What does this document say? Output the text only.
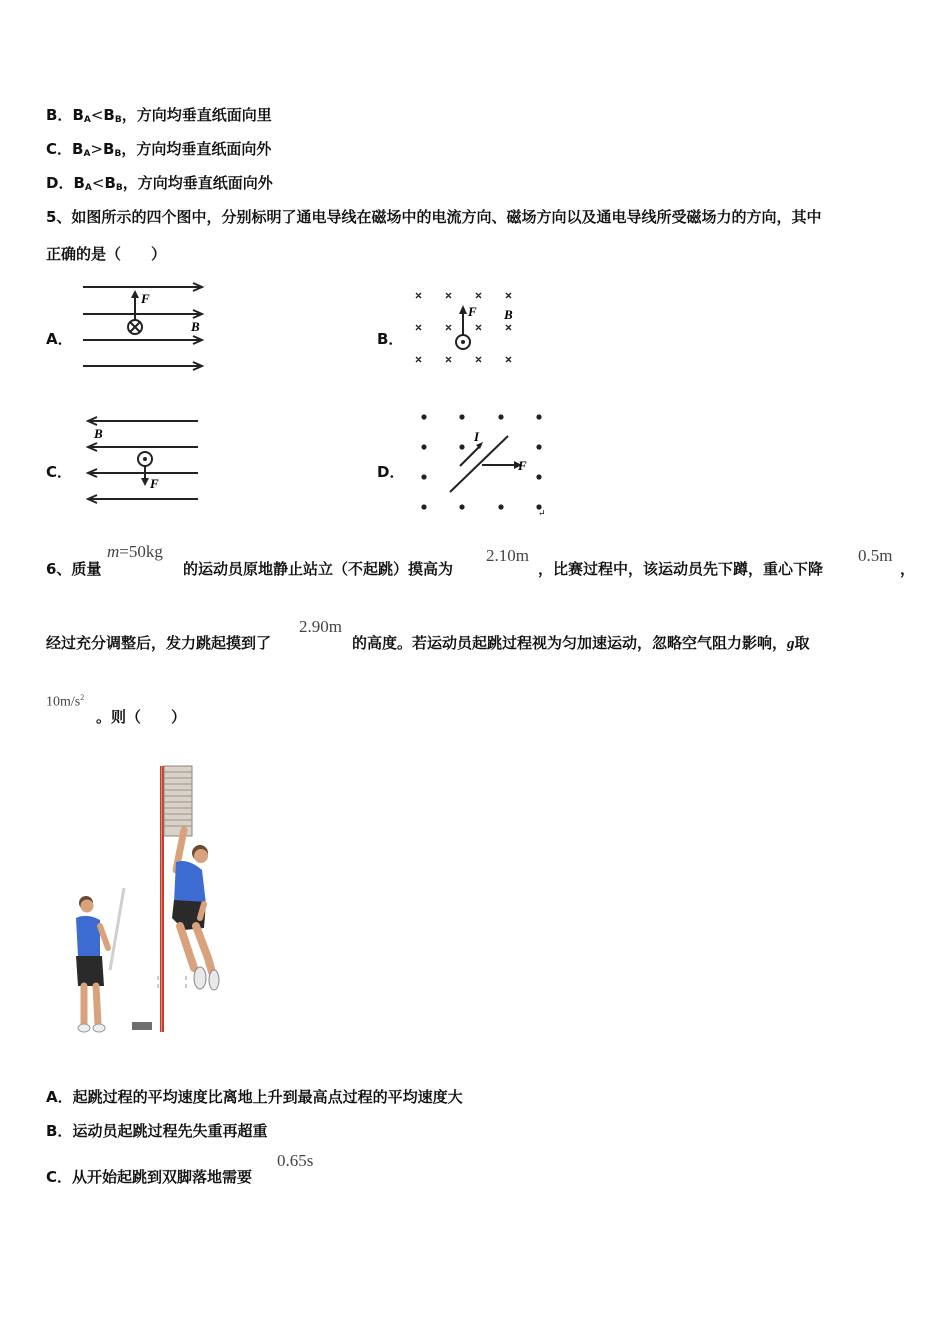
B．$B_A<B_B$，方向均垂直纸面向里
C．$B_A>B_B$，方向均垂直纸面向外
D．$B_A<B_B$，方向均垂直纸面向外
5、如图所示的四个图中，分别标明了通电导线在磁场中的电流方向、磁场方向以及通电导线所受磁场力的方向，其中
正确的是（　　）
A．
F
B
B．
F B
C．
B
F
D．
I
F
↵
6、质量
m=50kg
的运动员原地静止站立（不起跳）摸高为
2.10m
，比赛过程中，该运动员先下蹲，重心下降
0.5m
，
经过充分调整后，发力跳起摸到了
2.90m
的高度。若运动员起跳过程视为匀加速运动，忽略空气阻力影响，g取
$10m/s^2$
。则（　　）
A．起跳过程的平均速度比离地上升到最高点过程的平均速度大
B．运动员起跳过程先失重再超重
C．从开始起跳到双脚落地需要
0.65s
